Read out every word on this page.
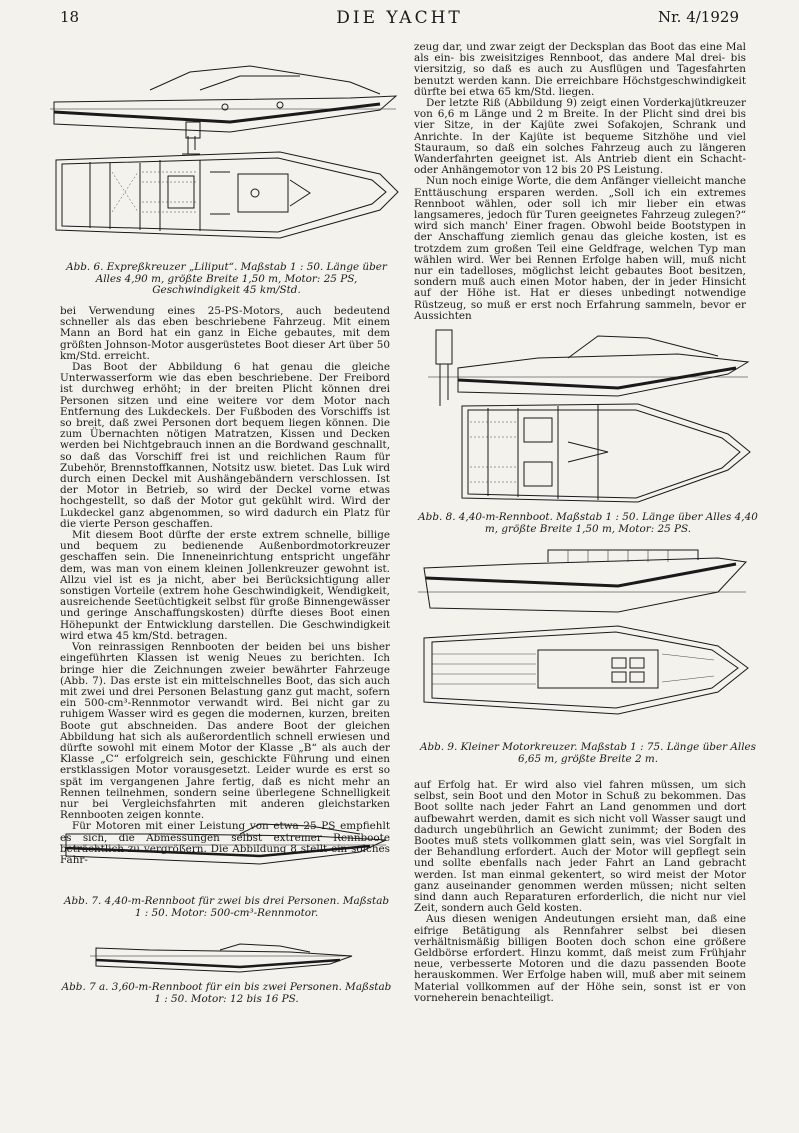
18	DIE YACHT	Nr. 4/1929
Abb. 6. Expreßkreuzer „Liliput“. Maßstab 1 : 50. Länge über Alles 4,90 m, größte Breite 1,50 m, Motor: 25 PS, Geschwindigkeit 45 km/Std.

bei Verwendung eines 25-PS-Motors, auch bedeutend schneller als das eben beschriebene Fahrzeug. Mit einem Mann an Bord hat ein ganz in Eiche gebautes, mit dem größten Johnson-Motor ausgerüstetes Boot dieser Art über 50 km/Std. erreicht.

Das Boot der Abbildung 6 hat genau die gleiche Unterwasserform wie das eben beschriebene. Der Freibord ist durchweg erhöht; in der breiten Plicht können drei Personen sitzen und eine weitere vor dem Motor nach Entfernung des Lukdeckels. Der Fußboden des Vorschiffs ist so breit, daß zwei Personen dort bequem liegen können. Die zum Übernachten nötigen Matratzen, Kissen und Decken werden bei Nichtgebrauch innen an die Bordwand geschnallt, so daß das Vorschiff frei ist und reichlichen Raum für Zubehör, Brennstoffkannen, Notsitz usw. bietet. Das Luk wird durch einen Deckel mit Aushängebändern verschlossen. Ist der Motor in Betrieb, so wird der Deckel vorne etwas hochgestellt, so daß der Motor gut gekühlt wird. Wird der Lukdeckel ganz abgenommen, so wird dadurch ein Platz für die vierte Person geschaffen.

Mit diesem Boot dürfte der erste extrem schnelle, billige und bequem zu bedienende Außenbordmotorkreuzer geschaffen sein. Die Inneneinrichtung entspricht ungefähr dem, was man von einem kleinen Jollenkreuzer gewohnt ist. Allzu viel ist es ja nicht, aber bei Berücksichtigung aller sonstigen Vorteile (extrem hohe Geschwindigkeit, Wendigkeit, ausreichende Seetüchtigkeit selbst für große Binnengewässer und geringe Anschaffungskosten) dürfte dieses Boot einen Höhepunkt der Entwicklung darstellen. Die Geschwindigkeit wird etwa 45 km/Std. betragen.

Von reinrassigen Rennbooten der beiden bei uns bisher eingeführten Klassen ist wenig Neues zu berichten. Ich bringe hier die Zeichnungen zweier bewährter Fahrzeuge (Abb. 7). Das erste ist ein mittelschnelles Boot, das sich auch mit zwei und drei Personen Belastung ganz gut macht, sofern ein 500-cm³-Rennmotor verwandt wird. Bei nicht gar zu ruhigem Wasser wird es gegen die modernen, kurzen, breiten Boote gut abschneiden. Das andere Boot der gleichen Abbildung hat sich als außerordentlich schnell erwiesen und dürfte sowohl mit einem Motor der Klasse „B“ als auch der Klasse „C“ erfolgreich sein, geschickte Führung und einen erstklassigen Motor vorausgesetzt. Leider wurde es erst so spät im vergangenen Jahre fertig, daß es nicht mehr an Rennen teilnehmen, sondern seine überlegene Schnelligkeit nur bei Vergleichsfahrten mit anderen gleichstarken Rennbooten zeigen konnte.

Für Motoren mit einer Leistung von etwa 25 PS empfiehlt es sich, die Abmessungen selbst extremer Rennboote beträchtlich zu vergrößern. Die Abbildung 8 stellt ein solches Fahr-

Abb. 7. 4,40-m-Rennboot für zwei bis drei Personen. Maßstab 1 : 50. Motor: 500-cm³-Rennmotor.
Abb. 7 a. 3,60-m-Rennboot für ein bis zwei Personen. Maßstab 1 : 50. Motor: 12 bis 16 PS.

zeug dar, und zwar zeigt der Decksplan das Boot das eine Mal als ein- bis zweisitziges Rennboot, das andere Mal drei- bis viersitzig, so daß es auch zu Ausflügen und Tagesfahrten benutzt werden kann. Die erreichbare Höchstgeschwindigkeit dürfte bei etwa 65 km/Std. liegen.

Der letzte Riß (Abbildung 9) zeigt einen Vorderkajütkreuzer von 6,6 m Länge und 2 m Breite. In der Plicht sind drei bis vier Sitze, in der Kajüte zwei Sofakojen, Schrank und Anrichte. In der Kajüte ist bequeme Sitzhöhe und viel Stauraum, so daß ein solches Fahrzeug auch zu längeren Wanderfahrten geeignet ist. Als Antrieb dient ein Schacht- oder Anhängemotor von 12 bis 20 PS Leistung.

Nun noch einige Worte, die dem Anfänger vielleicht manche Enttäuschung ersparen werden. „Soll ich ein extremes Rennboot wählen, oder soll ich mir lieber ein etwas langsameres, jedoch für Turen geeignetes Fahrzeug zulegen?“ wird sich manch' Einer fragen. Obwohl beide Bootstypen in der Anschaffung ziemlich genau das gleiche kosten, ist es trotzdem zum großen Teil eine Geldfrage, welchen Typ man wählen wird. Wer bei Rennen Erfolge haben will, muß nicht nur ein tadelloses, möglichst leicht gebautes Boot besitzen, sondern muß auch einen Motor haben, der in jeder Hinsicht auf der Höhe ist. Hat er dieses unbedingt notwendige Rüstzeug, so muß er erst noch Erfahrung sammeln, bevor er Aussichten

Abb. 8. 4,40-m-Rennboot. Maßstab 1 : 50. Länge über Alles 4,40 m, größte Breite 1,50 m, Motor: 25 PS.
Abb. 9. Kleiner Motorkreuzer. Maßstab 1 : 75. Länge über Alles 6,65 m, größte Breite 2 m.

auf Erfolg hat. Er wird also viel fahren müssen, um sich selbst, sein Boot und den Motor in Schuß zu bekommen. Das Boot sollte nach jeder Fahrt an Land genommen und dort aufbewahrt werden, damit es sich nicht voll Wasser saugt und dadurch ungebührlich an Gewicht zunimmt; der Boden des Bootes muß stets vollkommen glatt sein, was viel Sorgfalt in der Behandlung erfordert. Auch der Motor will gepflegt sein und sollte ebenfalls nach jeder Fahrt an Land gebracht werden. Ist man einmal gekentert, so wird meist der Motor ganz auseinander genommen werden müssen; nicht selten sind dann auch Reparaturen erforderlich, die nicht nur viel Zeit, sondern auch Geld kosten.

Aus diesen wenigen Andeutungen ersieht man, daß eine eifrige Betätigung als Rennfahrer selbst bei diesen verhältnismäßig billigen Booten doch schon eine größere Geldbörse erfordert. Hinzu kommt, daß meist zum Frühjahr neue, verbesserte Motoren und die dazu passenden Boote herauskommen. Wer Erfolge haben will, muß aber mit seinem Material vollkommen auf der Höhe sein, sonst ist er von vorneherein benachteiligt.
